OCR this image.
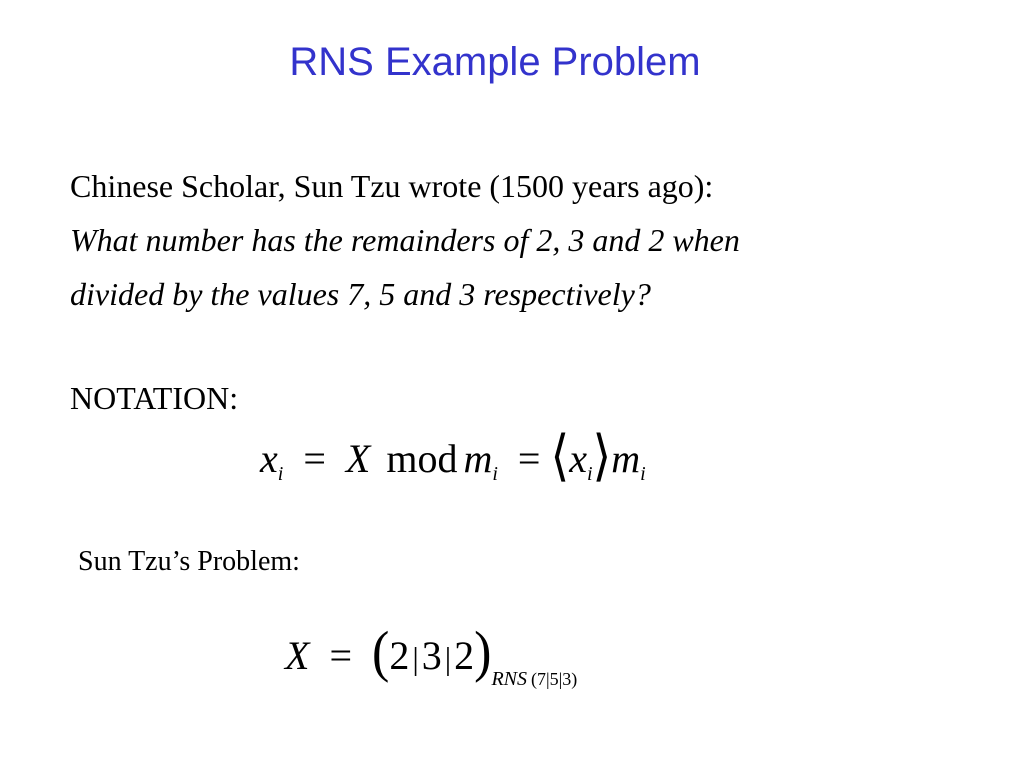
RNS Example Problem
Chinese Scholar, Sun Tzu wrote (1500 years ago):
What number has the remainders of 2, 3 and 2 when
divided by the values 7, 5 and 3 respectively?
NOTATION:
$x_i = X$ mod $m_i$ = $⟨x_i⟩m_i$
Sun Tzu’s Problem:
$X = (2|3|2)_{RNS (7|5|3)}$
